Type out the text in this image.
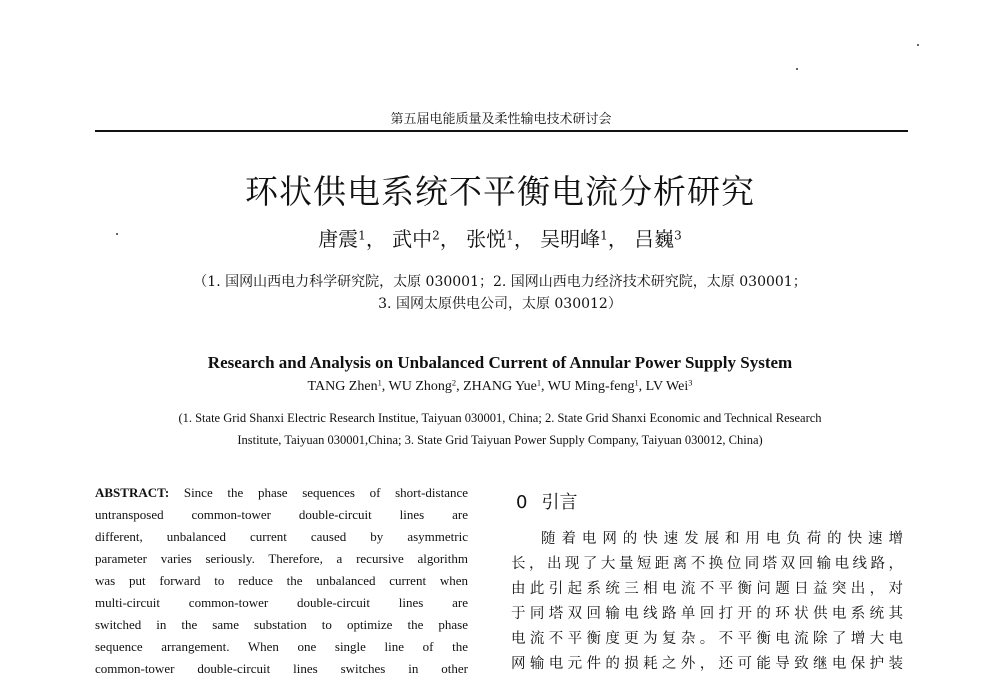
第五届电能质量及柔性输电技术研讨会
环状供电系统不平衡电流分析研究
唐震$^1$， 武中$^2$， 张悦$^1$， 吴明峰$^1$， 吕巍$^3$
（1. 国网山西电力科学研究院，太原 030001；2. 国网山西电力经济技术研究院，太原 030001；
3. 国网太原供电公司，太原 030012）
Research and Analysis on Unbalanced Current of Annular Power Supply System
TANG Zhen$^1$, WU Zhong$^2$, ZHANG Yue$^1$, WU Ming-feng$^1$, LV Wei$^3$
(1. State Grid Shanxi Electric Research Institue, Taiyuan 030001, China; 2. State Grid Shanxi Economic and Technical Research
Institute, Taiyuan 030001,China; 3. State Grid Taiyuan Power Supply Company, Taiyuan 030012, China)
ABSTRACT: Since the phase sequences of short-distance
untransposed common-tower double-circuit lines are
different, unbalanced current caused by asymmetric
parameter varies seriously. Therefore, a recursive algorithm
was put forward to reduce the unbalanced current when
multi-circuit common-tower double-circuit lines are
switched in the same substation to optimize the phase
sequence arrangement. When one single line of the
common-tower double-circuit lines switches in other
0 引言
随着电网的快速发展和用电负荷的快速增
长，出现了大量短距离不换位同塔双回输电线路，
由此引起系统三相电流不平衡问题日益突出，对
于同塔双回输电线路单回打开的环状供电系统其
电流不平衡度更为复杂。不平衡电流除了增大电
网输电元件的损耗之外，还可能导致继电保护装
